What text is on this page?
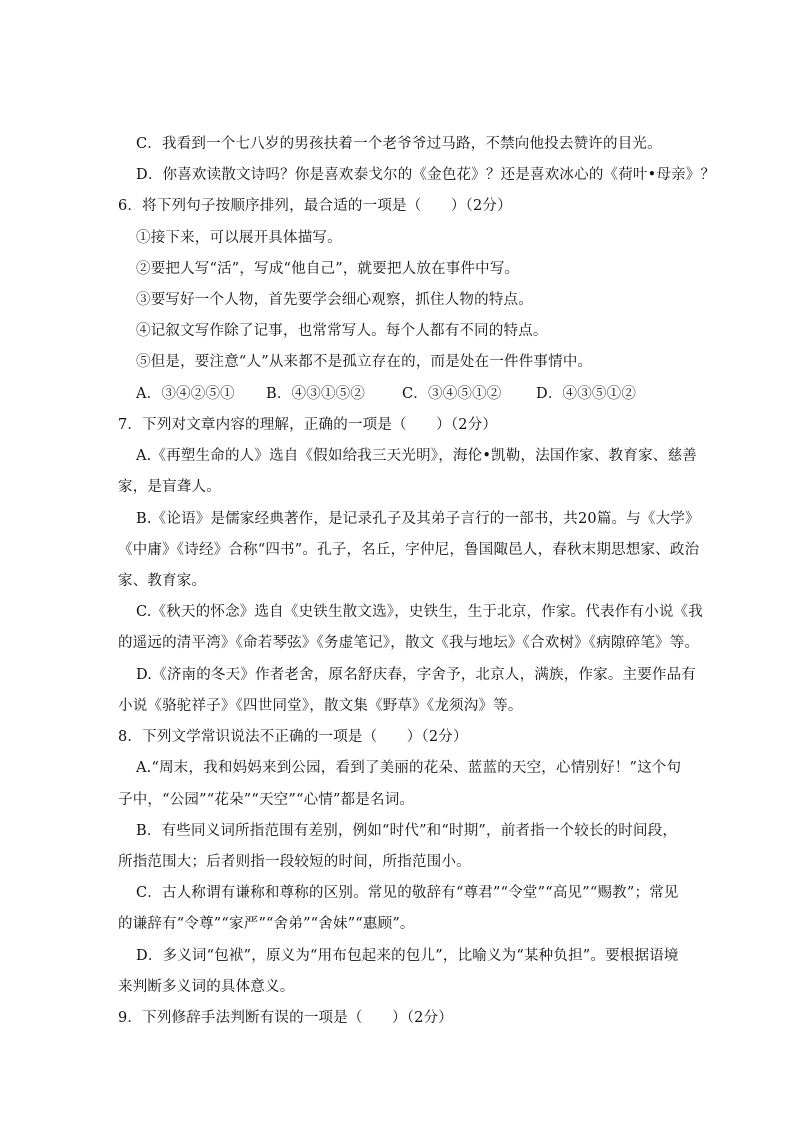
C．我看到一个七八岁的男孩扶着一个老爷爷过马路，不禁向他投去赞许的目光。
D．你喜欢读散文诗吗？你是喜欢泰戈尔的《金色花》？还是喜欢冰心的《荷叶•母亲》？
6．将下列句子按顺序排列，最合适的一项是（　　）（2分）
①接下来，可以展开具体描写。
②要把人写“活”，写成“他自己”，就要把人放在事件中写。
③要写好一个人物，首先要学会细心观察，抓住人物的特点。
④记叙文写作除了记事，也常常写人。每个人都有不同的特点。
⑤但是，要注意“人”从来都不是孤立存在的，而是处在一件件事情中。
A．③④②⑤① B．④③①⑤②	C．③④⑤①② D．④③⑤①②
7．下列对文章内容的理解，正确的一项是（　　）（2分）
A.《再塑生命的人》选自《假如给我三天光明》，海伦•凯勒，法国作家、教育家、慈善
家，是盲聋人。
B.《论语》是儒家经典著作，是记录孔子及其弟子言行的一部书，共20篇。与《大学》
《中庸》《诗经》合称“四书”。孔子，名丘，字仲尼，鲁国陬邑人，春秋末期思想家、政治
家、教育家。
C.《秋天的怀念》选自《史铁生散文选》，史铁生，生于北京，作家。代表作有小说《我
的遥远的清平湾》《命若琴弦》《务虚笔记》，散文《我与地坛》《合欢树》《病隙碎笔》等。
D.《济南的冬天》作者老舍，原名舒庆春，字舍予，北京人，满族，作家。主要作品有
小说《骆驼祥子》《四世同堂》，散文集《野草》《龙须沟》等。
8．下列文学常识说法不正确的一项是（　　）（2分）
A.“周末，我和妈妈来到公园，看到了美丽的花朵、蓝蓝的天空，心情别好！”这个句
子中，“公园”“花朵”“天空”“心情”都是名词。
B．有些同义词所指范围有差别，例如“时代”和“时期”，前者指一个较长的时间段，
所指范围大；后者则指一段较短的时间，所指范围小。
C．古人称谓有谦称和尊称的区别。常见的敬辞有“尊君”“令堂”“高见”“赐教”；常见
的谦辞有“令尊”“家严”“舍弟”“舍妹”“惠顾”。
D．多义词“包袱”，原义为“用布包起来的包儿”，比喻义为“某种负担”。要根据语境
来判断多义词的具体意义。
9．下列修辞手法判断有误的一项是（　　）（2分）
